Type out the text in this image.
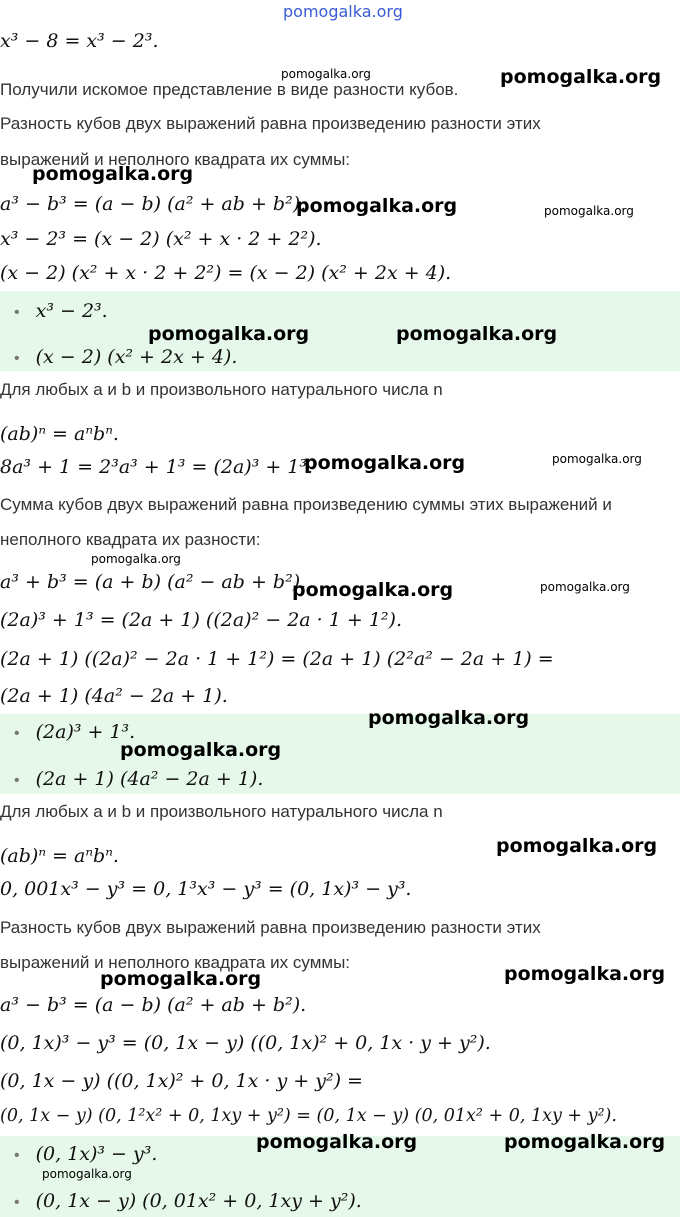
x³ − 8 = x³ − 2³.
Получили искомое представление в виде разности кубов.
Разность кубов двух выражений равна произведению разности этих
выражений и неполного квадрата их суммы:
a³ − b³ = (a − b) (a² + ab + b²).
x³ − 2³ = (x − 2) (x² + x · 2 + 2²).
(x − 2) (x² + x · 2 + 2²) = (x − 2) (x² + 2x + 4).
• x³ − 2³.
• (x − 2) (x² + 2x + 4).
Для любых a и b и произвольного натурального числа n
(ab)ⁿ = aⁿbⁿ.
8a³ + 1 = 2³a³ + 1³ = (2a)³ + 1³.
Сумма кубов двух выражений равна произведению суммы этих выражений и
неполного квадрата их разности:
a³ + b³ = (a + b) (a² − ab + b²).
(2a)³ + 1³ = (2a + 1) ((2a)² − 2a · 1 + 1²).
(2a + 1) ((2a)² − 2a · 1 + 1²) = (2a + 1) (2²a² − 2a + 1) =
(2a + 1) (4a² − 2a + 1).
• (2a)³ + 1³.
• (2a + 1) (4a² − 2a + 1).
Для любых a и b и произвольного натурального числа n
(ab)ⁿ = aⁿbⁿ.
0, 001x³ − y³ = 0, 1³x³ − y³ = (0, 1x)³ − y³.
Разность кубов двух выражений равна произведению разности этих
выражений и неполного квадрата их суммы:
a³ − b³ = (a − b) (a² + ab + b²).
(0, 1x)³ − y³ = (0, 1x − y) ((0, 1x)² + 0, 1x · y + y²).
(0, 1x − y) ((0, 1x)² + 0, 1x · y + y²) =
(0, 1x − y) (0, 1²x² + 0, 1xy + y²) = (0, 1x − y) (0, 01x² + 0, 1xy + y²).
• (0, 1x)³ − y³.
• (0, 1x − y) (0, 01x² + 0, 1xy + y²).
pomogalka.org
pomogalka.org	pomogalka.org
pomogalka.org
pomogalka.org	pomogalka.org
pomogalka.org	pomogalka.org
pomogalka.org	pomogalka.org
pomogalka.org
pomogalka.org	pomogalka.org
pomogalka.org
pomogalka.org
pomogalka.org
pomogalka.org	pomogalka.org
pomogalka.org	pomogalka.org
pomogalka.org
